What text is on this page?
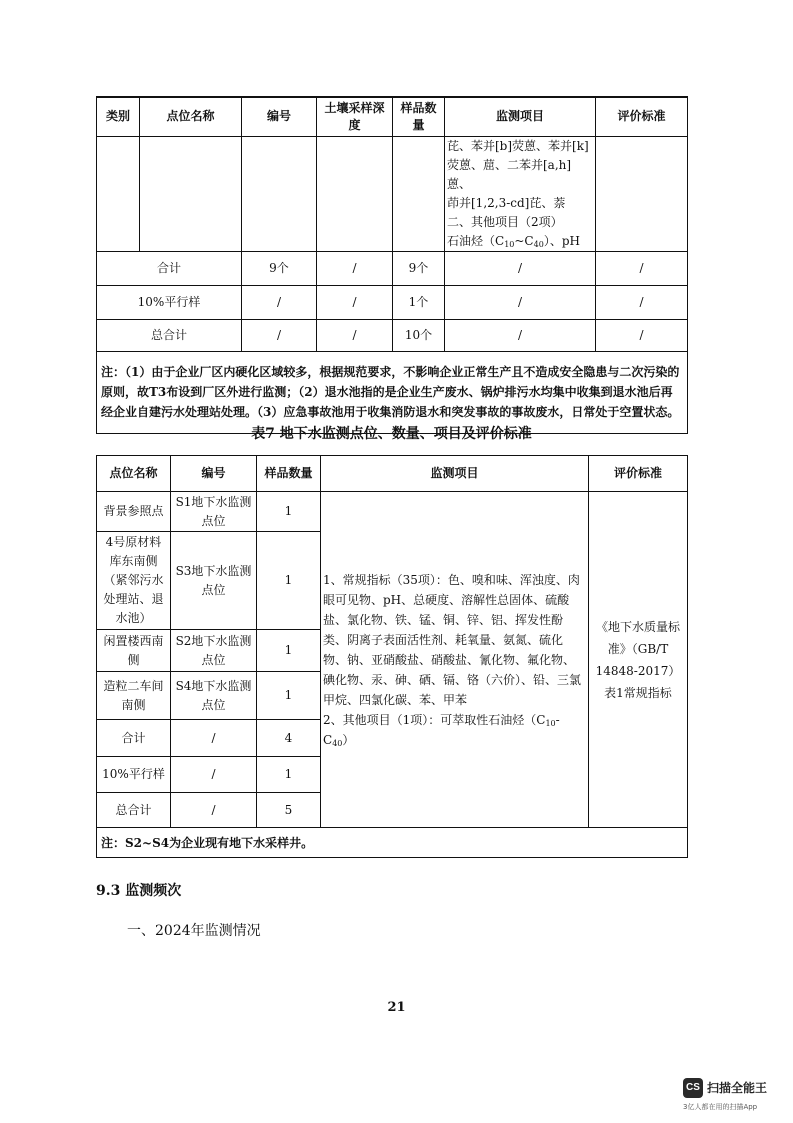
类别	点位名称	编号	土壤采样深度	样品数量	监测项目	评价标准

					芘、苯并[b]荧蒽、苯并[k]
荧蒽、䓛、二苯并[a,h]蒽、
茚并[1,2,3-cd]芘、萘
二、其他项目（2项）
石油烃$(C_{10}\sim C_{40})$、pH	

合计		9个	/	9个	/	/
10%平行样		/	/	1个	/	/
总合计		/	/	10个	/	/
注：（1）由于企业厂区内硬化区域较多，根据规范要求，不影响企业正常生产且不造成安全隐患与二次污染的原则，故T3布设到厂区外进行监测；（2）退水池指的是企业生产废水、锅炉排污水均集中收集到退水池后再经企业自建污水处理站处理。（3）应急事故池用于收集消防退水和突发事故的事故废水，日常处于空置状态。						
表7 地下水监测点位、数量、项目及评价标准
点位名称	编号	样品数量	监测项目	评价标准
背景参照点	S1地下水监测点位	1	1、常规指标（35项）：色、嗅和味、浑浊度、肉眼可见物、pH、总硬度、溶解性总固体、硫酸盐、氯化物、铁、锰、铜、锌、铝、挥发性酚类、阴离子表面活性剂、耗氧量、氨氮、硫化物、钠、亚硝酸盐、硝酸盐、氰化物、氟化物、碘化物、汞、砷、硒、镉、铬（六价）、铅、三氯甲烷、四氯化碳、苯、甲苯
2、其他项目（1项）：可萃取性石油烃$(C_{10}-C_{40})$	《地下水质量标准》（GB/T 14848-2017）表1常规指标
4号原材料库东南侧（紧邻污水处理站、退水池）	S3地下水监测点位	1		
闲置楼西南侧	S2地下水监测点位	1		
造粒二车间南侧	S4地下水监测点位	1		
合计	/	4		
10%平行样	/	1		
总合计	/	5		
注：S2~S4为企业现有地下水采样井。				
9.3 监测频次
一、2024年监测情况
21
CS 扫描全能王
3亿人都在用的扫描App
